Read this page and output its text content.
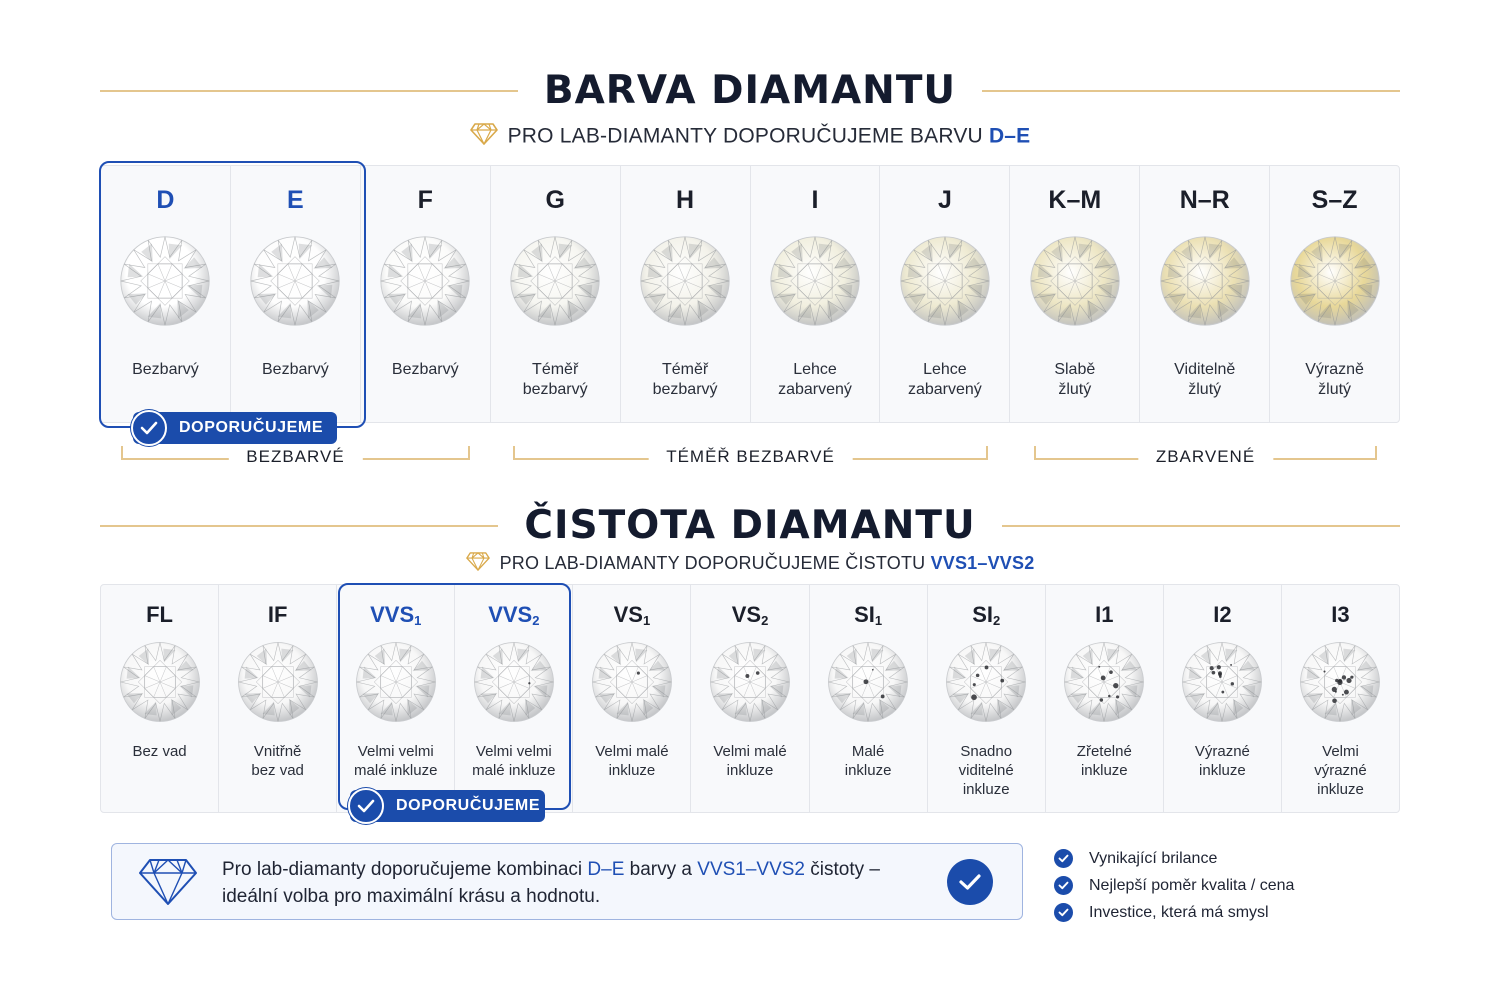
BARVA DIAMANTU
PRO LAB-DIAMANTY DOPORUČUJEME BARVU D–E
D
Bezbarvý
E
Bezbarvý
F
Bezbarvý
G
Téměř
bezbarvý
H
Téměř
bezbarvý
I
Lehce
zabarvený
J
Lehce
zabarvený
K–M
Slabě
žlutý
N–R
Viditelně
žlutý
S–Z
Výrazně
žlutý
DOPORUČUJEME
BEZBARVÉ	TÉMĚŘ BEZBARVÉ	ZBARVENÉ
ČISTOTA DIAMANTU
PRO LAB-DIAMANTY DOPORUČUJEME ČISTOTU VVS1–VVS2
FL
Bez vad
IF
Vnitřně
bez vad
$VVS_1$
Velmi velmi
malé inkluze
$VVS_2$
Velmi velmi
malé inkluze
$VS_1$
Velmi malé
inkluze
$VS_2$
Velmi malé
inkluze
$SI_1$
Malé
inkluze
$SI_2$
Snadno
viditelné
inkluze
I1
Zřetelné
inkluze
I2
Výrazné
inkluze
I3
Velmi
výrazné
inkluze
DOPORUČUJEME
Pro lab-diamanty doporučujeme kombinaci D–E barvy a VVS1–VVS2 čistoty –
ideální volba pro maximální krásu a hodnotu.
Vynikající brilance
Nejlepší poměr kvalita / cena
Investice, která má smysl
